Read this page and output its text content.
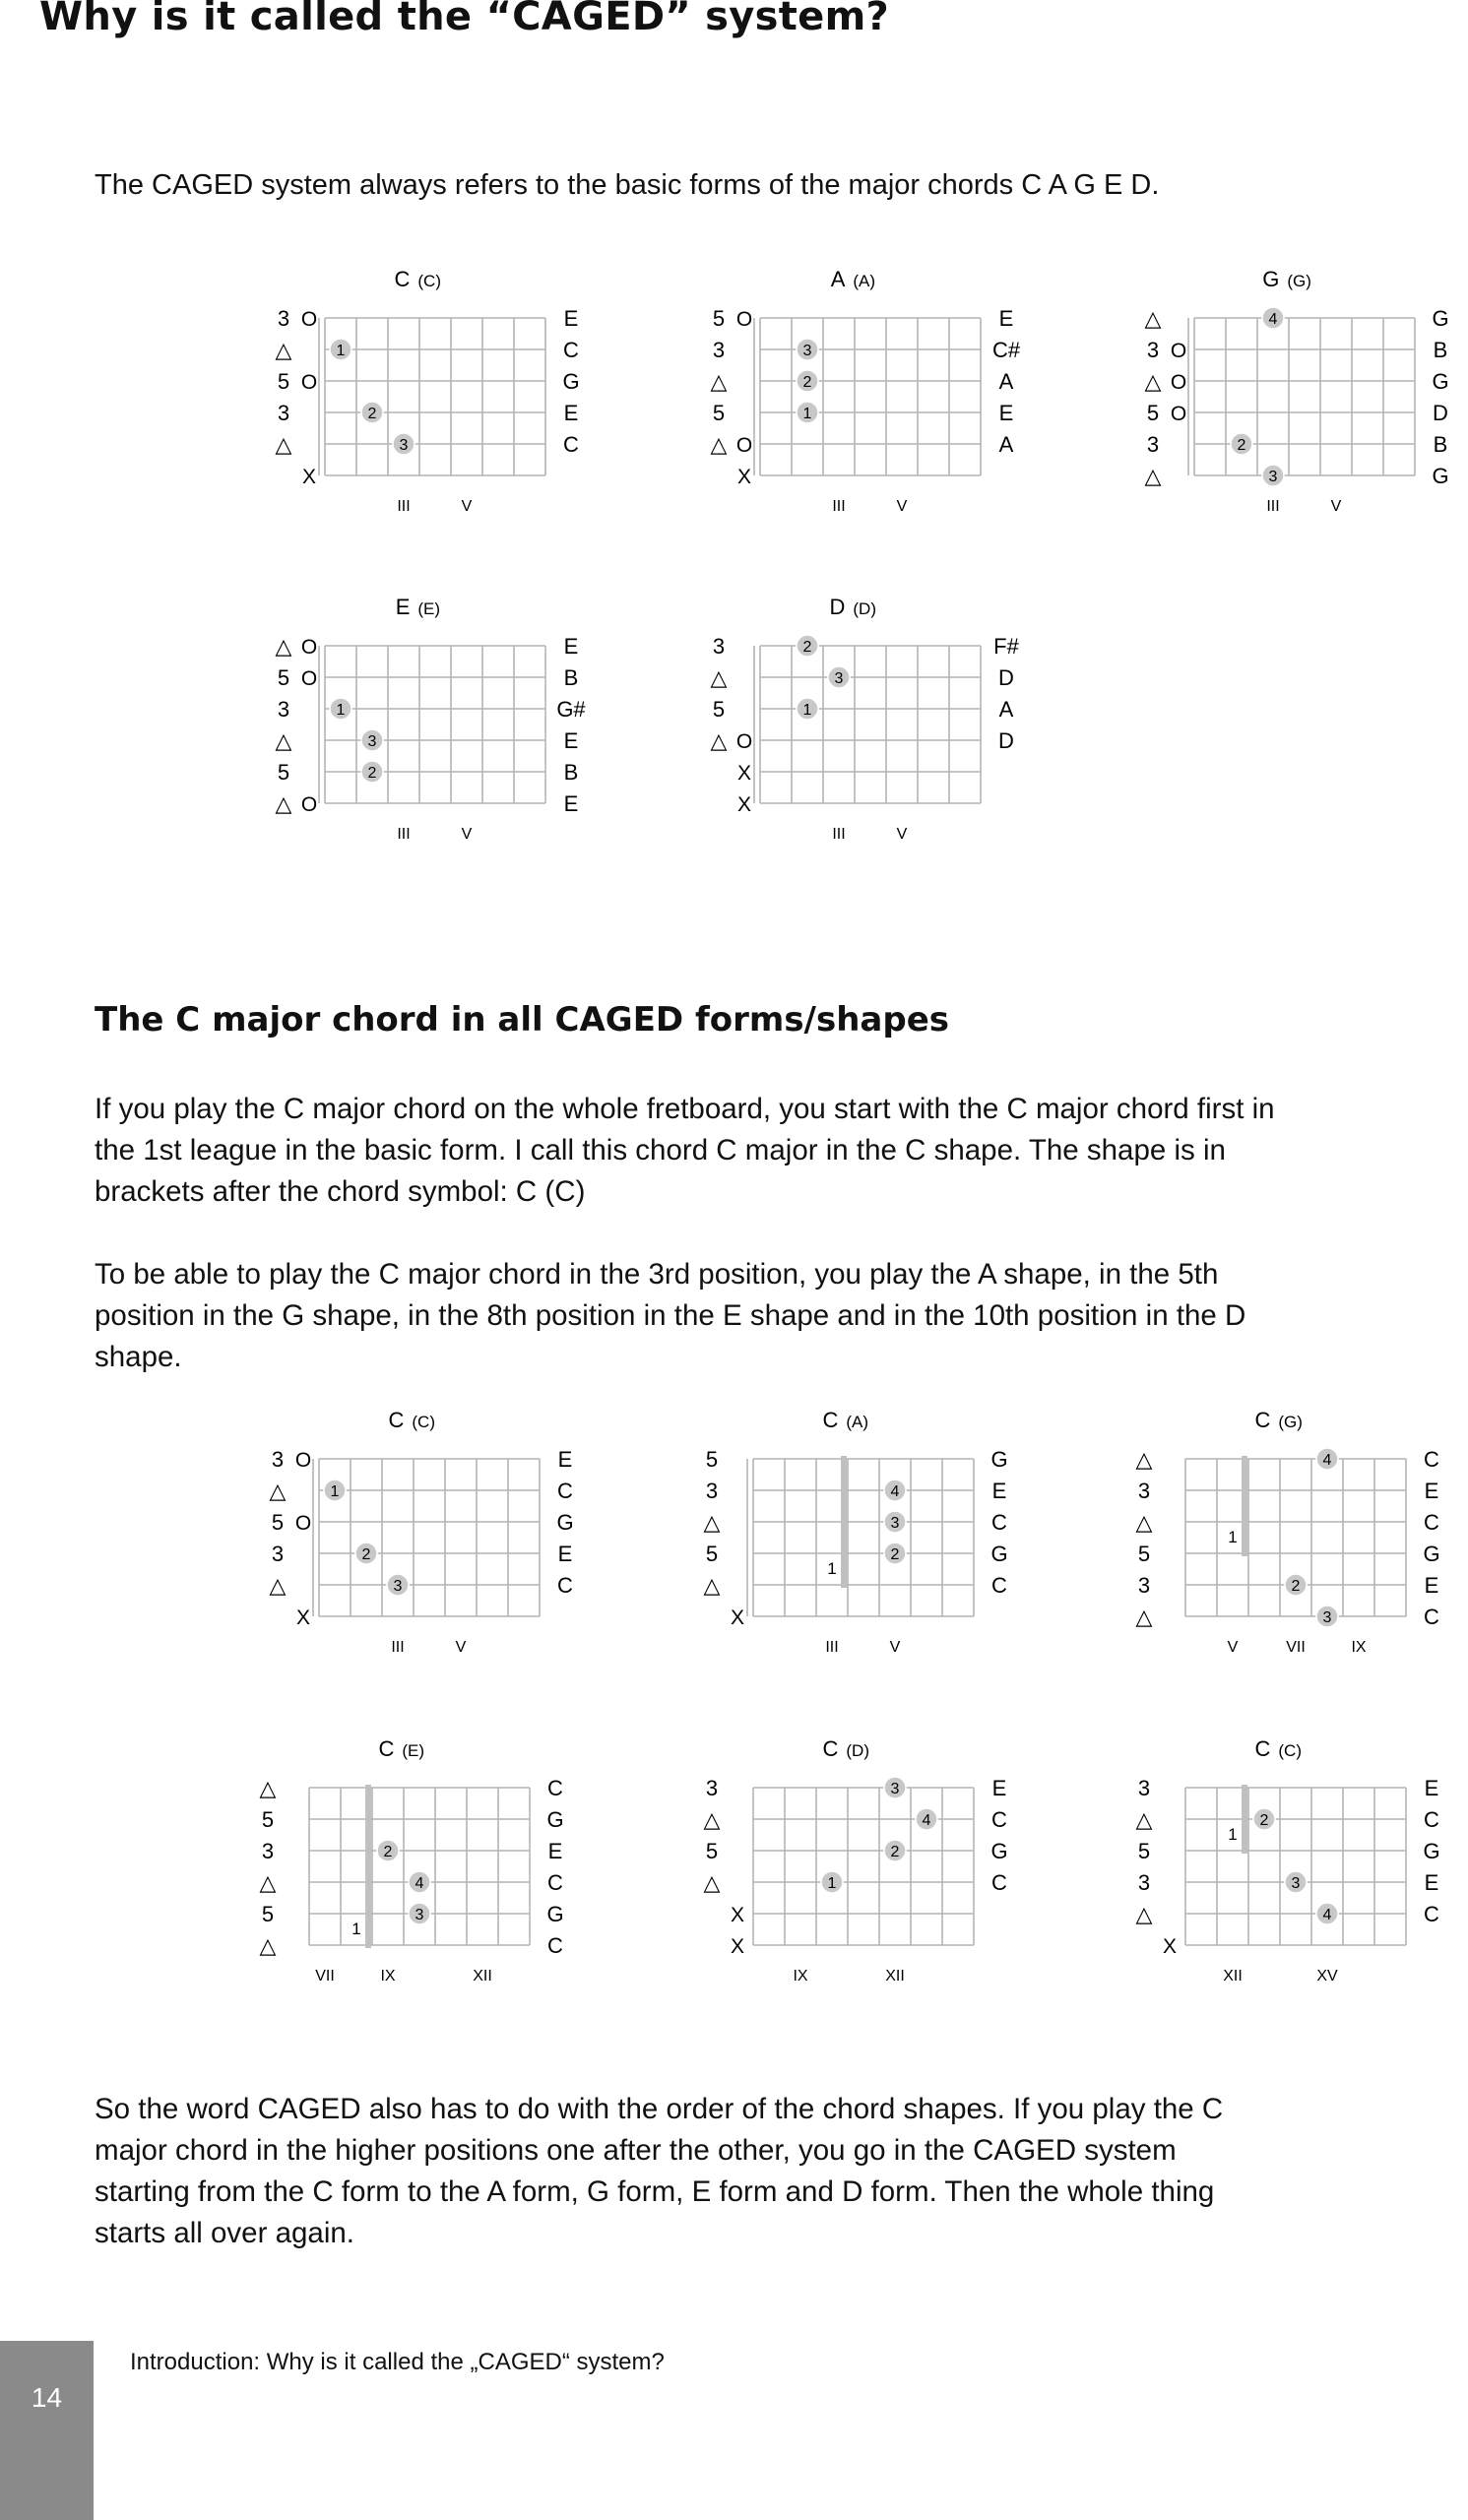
Why is it called the “CAGED” system?

The CAGED system always refers to the basic forms of the major chords C A G E D.

C (C)
3
△
5
3
△
O
O
X
E
C
G
E
C
1
2
3
III	V
A (A)
5
3
△
5
△
O
O
X
E
C#
A
E
A
3
2
1
III	V
G (G)
△
3
△
5
3
△
O
O
O
G
B
G
D
B
G
4
2
3
III	V
E (E)
△
5
3
△
5
△
O
O
O
E
B
G#
E
B
E
1
3
2
III	V
D (D)
3
△
5
△ O
X
X
F#
D
A
D
2
3
1
III	V
C (C)
3
△
5
3
△
O
O
X
E
C
G
E
C
1
2
3
III	V
C (A)
5
3
△
5
△
X
G
E
C
G
C
1
4
3
2
III	V
C (G)
△
3
△
5
3
△
C
E
C
G
E
C
1
4
2
3
V	VII	IX
C (E)
△
5
3
△
5
△
C
G
E
C
G
C
1
2
4
3
VII	IX	XII
C (D)
3
△
5
△
X
X
E
C
G
C
3
4
2
1
IX	XII
C (C)
3
△
5
3
△
X
E
C
G
E
C
1
2
3
4
XII	XV
The C major chord in all CAGED forms/shapes

If you play the C major chord on the whole fretboard, you start with the C major chord first in the 1st league in the basic form. I call this chord C major in the C shape. The shape is in brackets after the chord symbol: C (C)

To be able to play the C major chord in the 3rd position, you play the A shape, in the 5th position in the G shape, in the 8th position in the E shape and in the 10th position in the D shape.

So the word CAGED also has to do with the order of the chord shapes. If you play the C major chord in the higher positions one after the other, you go in the CAGED system starting from the C form to the A form, G form, E form and D form. Then the whole thing starts all over again.

14
Introduction: Why is it called the „CAGED“ system?
